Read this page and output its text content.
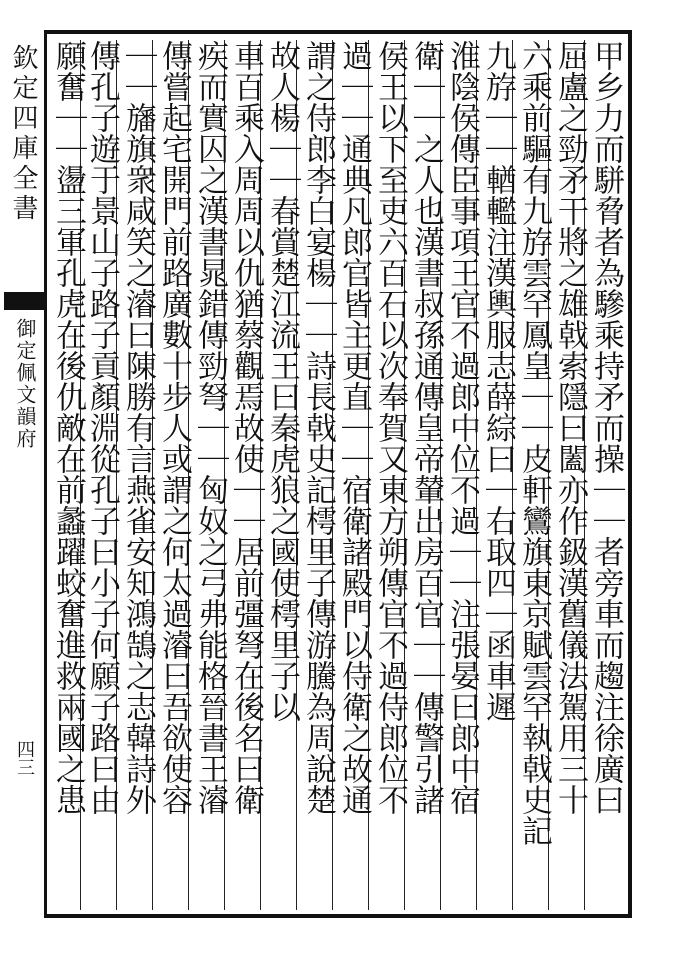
欽定四庫全書
御定佩文韻府
四三	甲乡力而駢脅者為驂乘持矛而操｜｜者旁車而趨注徐廣曰
屈盧之勁矛干將之雄戟索隱曰闔亦作鈒漢舊儀法駕用三十
六乘前驅有九斿雲罕鳳皇｜｜皮軒鸞旗東京賦雲罕執戟史記
九斿｜｜輶轞注漢輿服志薛綜曰｜右取四｜函車遲
淮陰侯傳臣事項王官不過郎中位不過｜｜注張晏曰郎中宿
衛｜｜之人也漢書叔孫通傳皇帝輦出房百官｜｜傳警引諸
侯王以下至吏六百石以次奉賀又東方朔傳官不過侍郎位不
過｜｜通典凡郎官皆主更直｜｜宿衛諸殿門以侍衛之故通
謂之侍郎李白宴楊｜｜詩長戟史記樗里子傳游騰為周說楚
故人楊｜｜春賞楚江流王曰秦虎狼之國使樗里子以
車百乘入周周以仇猶蔡觀焉故使｜｜居前彊弩在後名曰衛
疾而實囚之漢書晁錯傳勁弩｜｜匈奴之弓弗能格晉書王濬
傳嘗起宅開門前路廣數十步人或謂之何太過濬曰吾欲使容
｜｜旛旗衆咸笑之濬曰陳勝有言燕雀安知鴻鵠之志韓詩外
傳孔子遊于景山子路子貢顏淵從孔子曰小子何願子路曰由
願奮｜｜盪三軍孔虎在後仇敵在前蠡躍蛟奮進救兩國之患
